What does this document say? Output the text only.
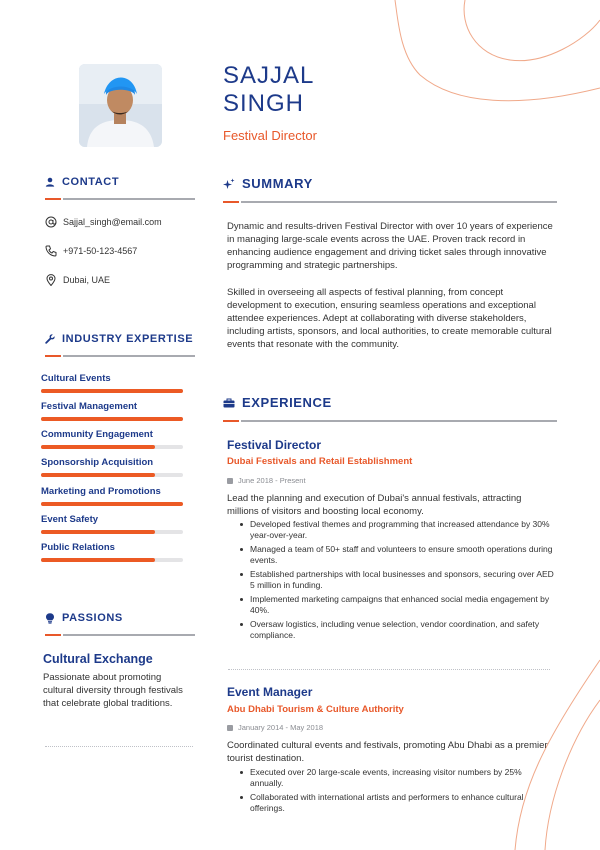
SAJJAL
SINGH
Festival Director
CONTACT
Sajjal_singh@email.com
+971-50-123-4567
Dubai, UAE
INDUSTRY EXPERTISE
Cultural Events
Festival Management
Community Engagement
Sponsorship Acquisition
Marketing and Promotions
Event Safety
Public Relations
PASSIONS
Cultural Exchange
Passionate about promoting cultural diversity through festivals that celebrate global traditions.
SUMMARY
Dynamic and results-driven Festival Director with over 10 years of experience in managing large-scale events across the UAE. Proven track record in enhancing audience engagement and driving ticket sales through innovative programming and strategic partnerships.
Skilled in overseeing all aspects of festival planning, from concept development to execution, ensuring seamless operations and exceptional attendee experiences. Adept at collaborating with diverse stakeholders, including artists, sponsors, and local authorities, to create memorable cultural events that resonate with the community.
EXPERIENCE
Festival Director
Dubai Festivals and Retail Establishment
June 2018 - Present
Lead the planning and execution of Dubai's annual festivals, attracting millions of visitors and boosting local economy.
Developed festival themes and programming that increased attendance by 30% year-over-year.
Managed a team of 50+ staff and volunteers to ensure smooth operations during events.
Established partnerships with local businesses and sponsors, securing over AED 5 million in funding.
Implemented marketing campaigns that enhanced social media engagement by 40%.
Oversaw logistics, including venue selection, vendor coordination, and safety compliance.
Event Manager
Abu Dhabi Tourism & Culture Authority
January 2014 - May 2018
Coordinated cultural events and festivals, promoting Abu Dhabi as a premier tourist destination.
Executed over 20 large-scale events, increasing visitor numbers by 25% annually.
Collaborated with international artists and performers to enhance cultural offerings.
